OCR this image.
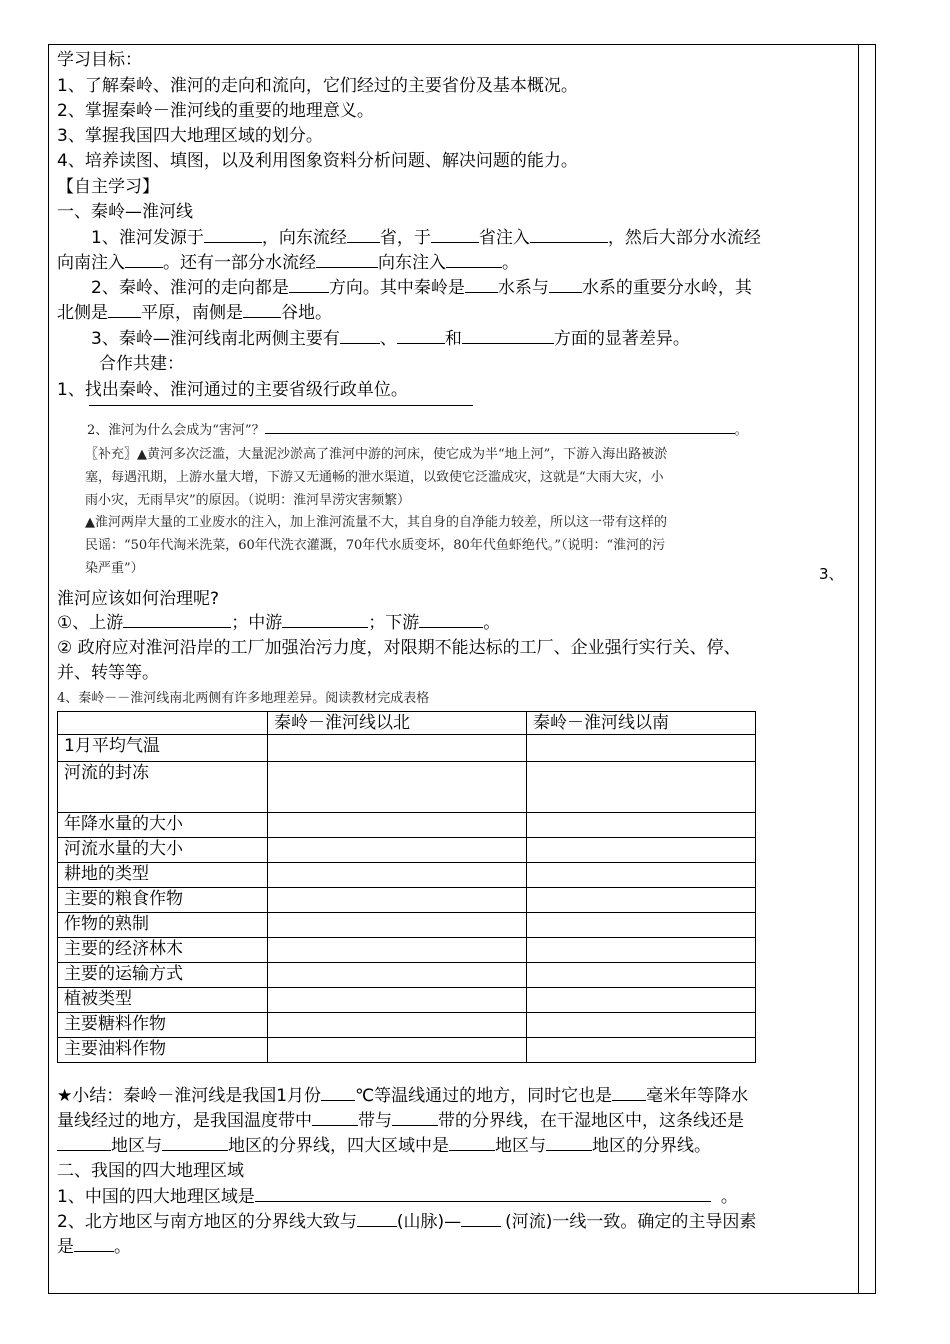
学习目标：
1、了解秦岭、淮河的走向和流向，它们经过的主要省份及基本概况。
2、掌握秦岭－淮河线的重要的地理意义。
3、掌握我国四大地理区域的划分。
4、培养读图、填图，以及利用图象资料分析问题、解决问题的能力。
【自主学习】
一、秦岭—淮河线
1、淮河发源于	，向东流经 省，于	省注入	，然后大部分水流经
向南注入 。还有一部分水流经	向东注入	。
2、秦岭、淮河的走向都是 方向。其中秦岭是 水系与 水系的重要分水岭，其
北侧是 平原，南侧是 谷地。
3、秦岭—淮河线南北两侧主要有 、	和	方面的显著差异。
合作共建：
1、找出秦岭、淮河通过的主要省级行政单位。
2、淮河为什么会成为“害河”？	。
〖补充〗▲黄河多次泛滥，大量泥沙淤高了淮河中游的河床，使它成为半“地上河”，下游入海出路被淤
塞，每遇汛期，上游水量大增，下游又无通畅的泄水渠道，以致使它泛滥成灾，这就是“大雨大灾，小
雨小灾，无雨旱灾”的原因。（说明：淮河旱涝灾害频繁）
▲淮河两岸大量的工业废水的注入，加上淮河流量不大，其自身的自净能力较差，所以这一带有这样的
民谣：“50年代淘米洗菜，60年代洗衣灌溉，70年代水质变坏，80年代鱼虾绝代。”（说明：“淮河的污
染严重”）	3、
淮河应该如何治理呢?
①、上游	；中游	；下游	。
② 政府应对淮河沿岸的工厂加强治污力度，对限期不能达标的工厂、企业强行实行关、停、
并、转等等。
4、秦岭－－淮河线南北两侧有许多地理差异。阅读教材完成表格
	秦岭－淮河线以北	秦岭－淮河线以南
1月平均气温		
河流的封冻		
年降水量的大小		
河流水量的大小		
耕地的类型		
主要的粮食作物		
作物的熟制		
主要的经济林木		
主要的运输方式		
植被类型		
主要糖料作物		
主要油料作物		
★小结：秦岭－淮河线是我国1月份 ℃等温线通过的地方，同时它也是 毫米年等降水
量线经过的地方，是我国温度带中	带与	带的分界线，在干湿地区中，这条线还是
地区与	地区的分界线，四大区域中是	地区与	地区的分界线。
二、我国的四大地理区域
1、中国的四大地理区域是	。
2、北方地区与南方地区的分界线大致与 (山脉)—	(河流)一线一致。确定的主导因素
是 。
